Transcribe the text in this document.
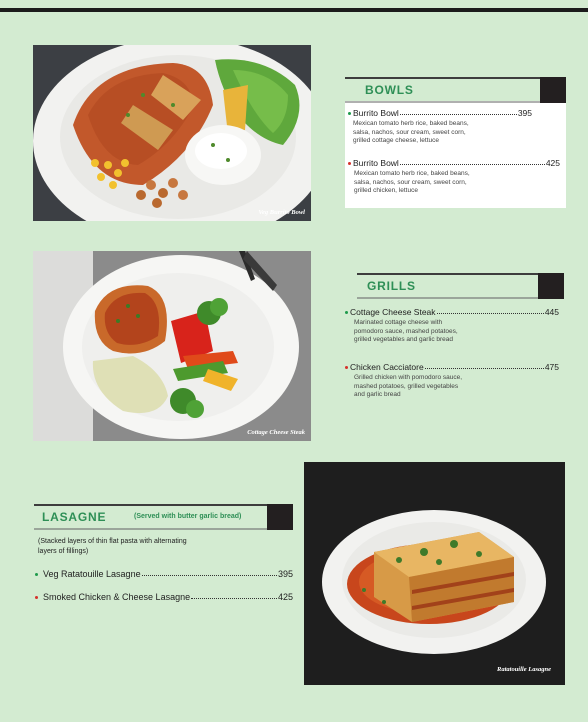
Veg Burrito Bowl
BOWLS
Burrito Bowl	395
Mexican tomato herb rice, baked beans,
salsa, nachos, sour cream, sweet corn,
grilled cottage cheese, lettuce
Burrito Bowl	425
Mexican tomato herb rice, baked beans,
salsa, nachos, sour cream, sweet corn,
grilled chicken, lettuce
Cottage Cheese Steak
GRILLS
Cottage Cheese Steak	445
Marinated cottage cheese with
pomodoro sauce, mashed potatoes,
grilled vegetables and garlic bread
Chicken Cacciatore	475
Grilled chicken with pomodoro sauce,
mashed potatoes, grilled vegetables
and garlic bread
LASAGNE	(Served with butter garlic bread)
(Stacked layers of thin flat pasta with alternating
layers of fillings)
Veg Ratatouille Lasagne	395
Smoked Chicken & Cheese Lasagne	425
Ratatouille Lasagne
